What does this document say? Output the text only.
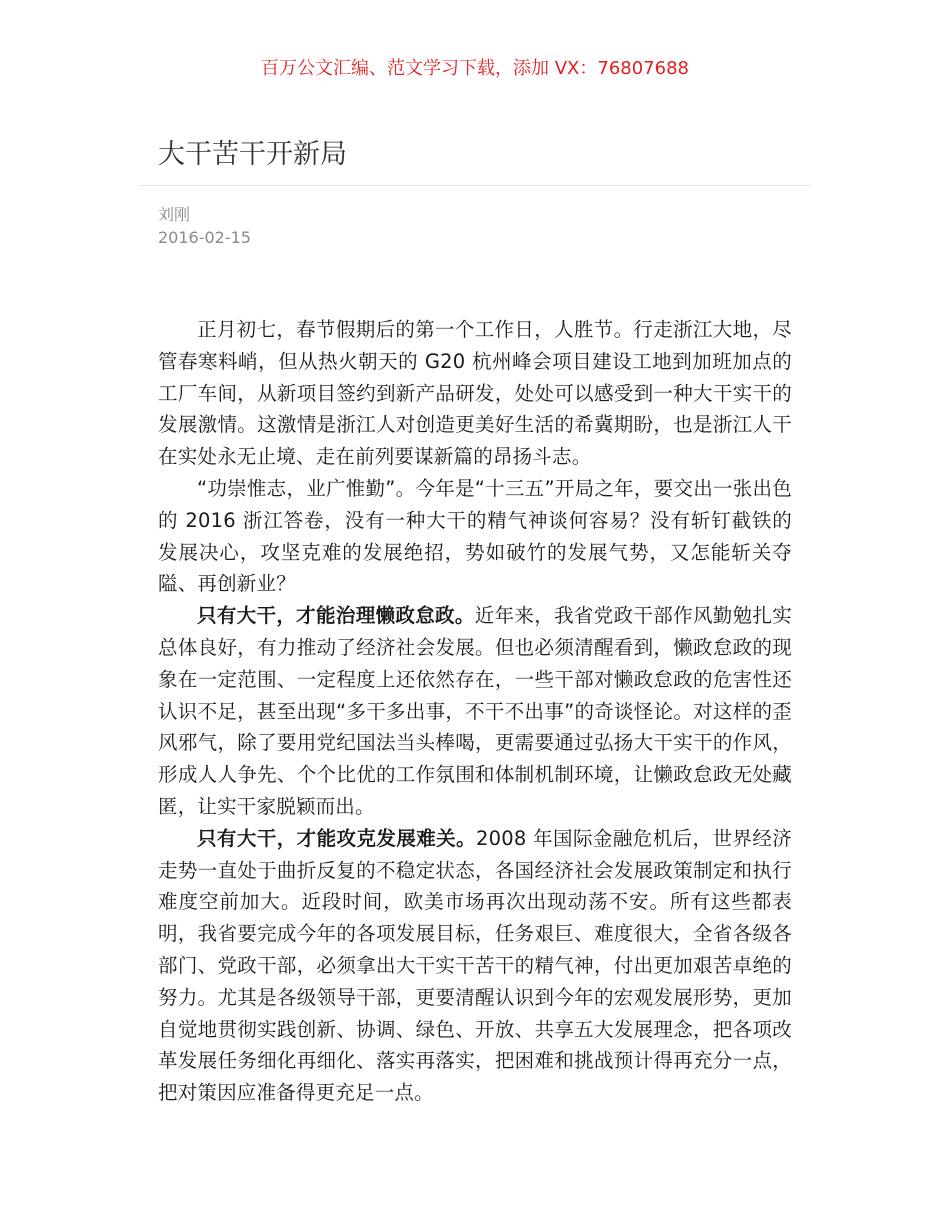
百万公文汇编、范文学习下载，添加 VX：76807688
大干苦干开新局
刘刚
2016-02-15

正月初七，春节假期后的第一个工作日，人胜节。行走浙江大地，尽管春寒料峭，但从热火朝天的 G20 杭州峰会项目建设工地到加班加点的工厂车间，从新项目签约到新产品研发，处处可以感受到一种大干实干的发展激情。这激情是浙江人对创造更美好生活的希冀期盼，也是浙江人干在实处永无止境、走在前列要谋新篇的昂扬斗志。

“功崇惟志，业广惟勤”。今年是“十三五”开局之年，要交出一张出色的 2016 浙江答卷，没有一种大干的精气神谈何容易？没有斩钉截铁的发展决心，攻坚克难的发展绝招，势如破竹的发展气势，又怎能斩关夺隘、再创新业？

只有大干，才能治理懒政怠政。近年来，我省党政干部作风勤勉扎实总体良好，有力推动了经济社会发展。但也必须清醒看到，懒政怠政的现象在一定范围、一定程度上还依然存在，一些干部对懒政怠政的危害性还认识不足，甚至出现“多干多出事，不干不出事”的奇谈怪论。对这样的歪风邪气，除了要用党纪国法当头棒喝，更需要通过弘扬大干实干的作风，形成人人争先、个个比优的工作氛围和体制机制环境，让懒政怠政无处藏匿，让实干家脱颖而出。

只有大干，才能攻克发展难关。2008 年国际金融危机后，世界经济走势一直处于曲折反复的不稳定状态，各国经济社会发展政策制定和执行难度空前加大。近段时间，欧美市场再次出现动荡不安。所有这些都表明，我省要完成今年的各项发展目标，任务艰巨、难度很大，全省各级各部门、党政干部，必须拿出大干实干苦干的精气神，付出更加艰苦卓绝的努力。尤其是各级领导干部，更要清醒认识到今年的宏观发展形势，更加自觉地贯彻实践创新、协调、绿色、开放、共享五大发展理念，把各项改革发展任务细化再细化、落实再落实，把困难和挑战预计得再充分一点，把对策因应准备得更充足一点。
